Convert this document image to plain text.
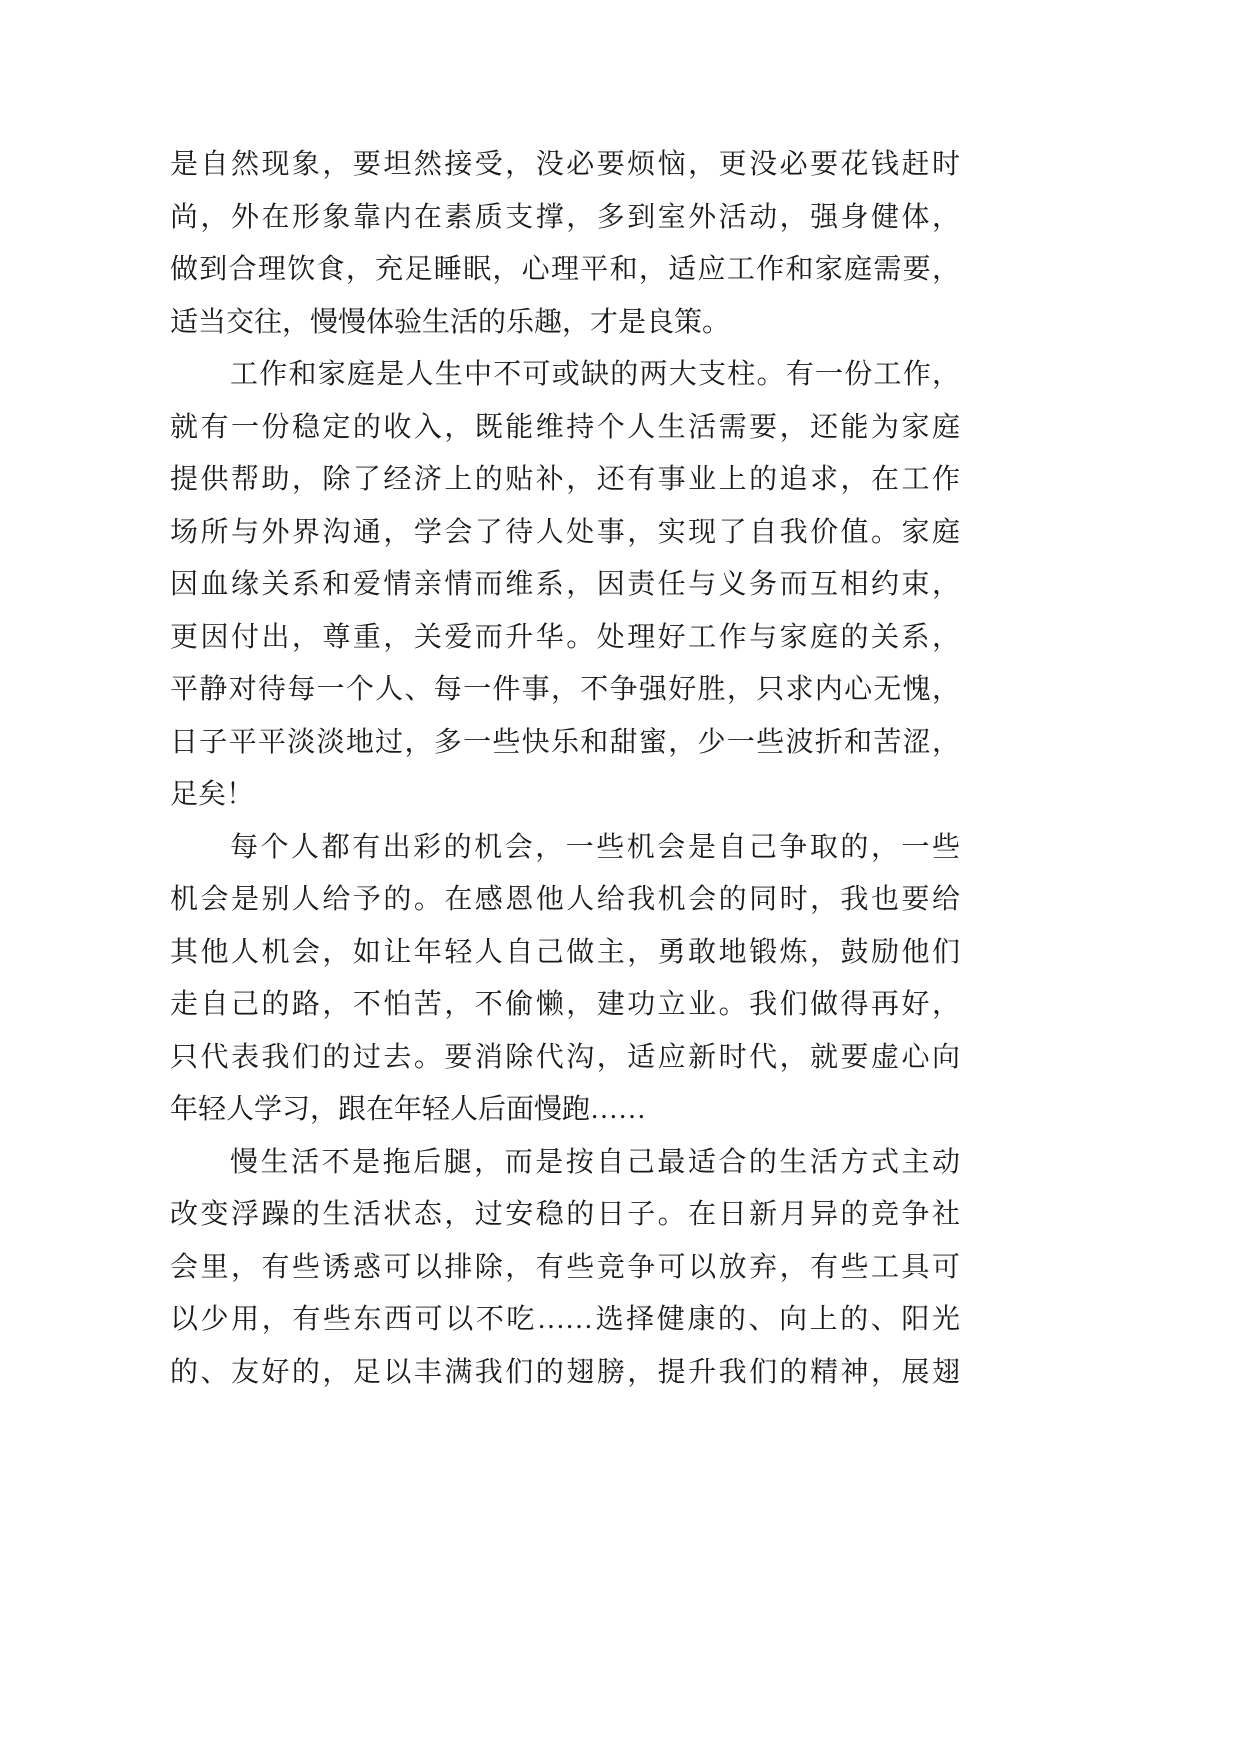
是自然现象，要坦然接受，没必要烦恼，更没必要花钱赶时
尚，外在形象靠内在素质支撑，多到室外活动，强身健体，
做到合理饮食，充足睡眠，心理平和，适应工作和家庭需要，
适当交往，慢慢体验生活的乐趣，才是良策。
工作和家庭是人生中不可或缺的两大支柱。有一份工作，
就有一份稳定的收入，既能维持个人生活需要，还能为家庭
提供帮助，除了经济上的贴补，还有事业上的追求，在工作
场所与外界沟通，学会了待人处事，实现了自我价值。家庭
因血缘关系和爱情亲情而维系，因责任与义务而互相约束，
更因付出，尊重，关爱而升华。处理好工作与家庭的关系，
平静对待每一个人、每一件事，不争强好胜，只求内心无愧，
日子平平淡淡地过，多一些快乐和甜蜜，少一些波折和苦涩，
足矣！
每个人都有出彩的机会，一些机会是自己争取的，一些
机会是别人给予的。在感恩他人给我机会的同时，我也要给
其他人机会，如让年轻人自己做主，勇敢地锻炼，鼓励他们
走自己的路，不怕苦，不偷懒，建功立业。我们做得再好，
只代表我们的过去。要消除代沟，适应新时代，就要虚心向
年轻人学习，跟在年轻人后面慢跑……
慢生活不是拖后腿，而是按自己最适合的生活方式主动
改变浮躁的生活状态，过安稳的日子。在日新月异的竞争社
会里，有些诱惑可以排除，有些竞争可以放弃，有些工具可
以少用，有些东西可以不吃……选择健康的、向上的、阳光
的、友好的，足以丰满我们的翅膀，提升我们的精神，展翅
